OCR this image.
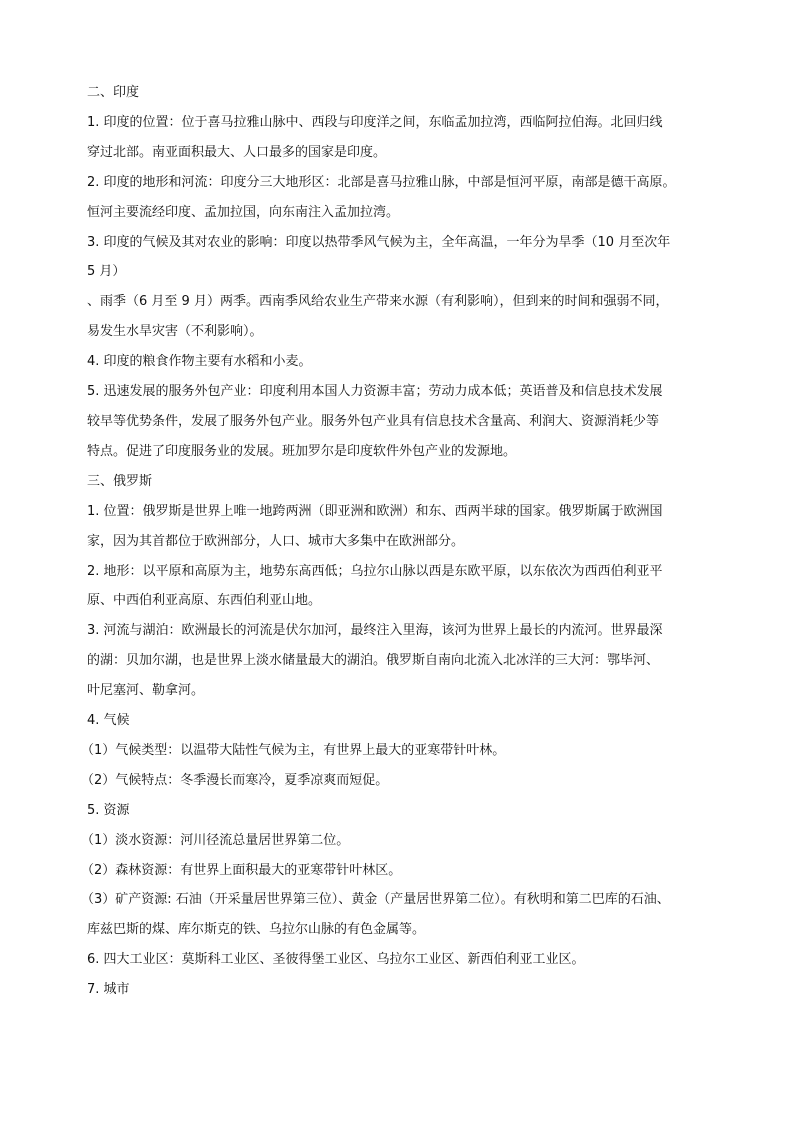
二、印度

1. 印度的位置：位于喜马拉雅山脉中、西段与印度洋之间，东临孟加拉湾，西临阿拉伯海。北回归线

穿过北部。南亚面积最大、人口最多的国家是印度。

2. 印度的地形和河流：印度分三大地形区：北部是喜马拉雅山脉，中部是恒河平原，南部是德干高原。

恒河主要流经印度、孟加拉国，向东南注入孟加拉湾。

3. 印度的气候及其对农业的影响：印度以热带季风气候为主，全年高温，一年分为旱季（10 月至次年

5 月）

、雨季（6 月至 9 月）两季。西南季风给农业生产带来水源（有利影响），但到来的时间和强弱不同，

易发生水旱灾害（不利影响）。

4. 印度的粮食作物主要有水稻和小麦。

5. 迅速发展的服务外包产业：印度利用本国人力资源丰富；劳动力成本低；英语普及和信息技术发展

较早等优势条件，发展了服务外包产业。服务外包产业具有信息技术含量高、利润大、资源消耗少等

特点。促进了印度服务业的发展。班加罗尔是印度软件外包产业的发源地。

三、俄罗斯

1. 位置：俄罗斯是世界上唯一地跨两洲（即亚洲和欧洲）和东、西两半球的国家。俄罗斯属于欧洲国

家，因为其首都位于欧洲部分，人口、城市大多集中在欧洲部分。

2. 地形：以平原和高原为主，地势东高西低；乌拉尔山脉以西是东欧平原，以东依次为西西伯利亚平

原、中西伯利亚高原、东西伯利亚山地。

3. 河流与湖泊：欧洲最长的河流是伏尔加河，最终注入里海，该河为世界上最长的内流河。世界最深

的湖：贝加尔湖，也是世界上淡水储量最大的湖泊。俄罗斯自南向北流入北冰洋的三大河：鄂毕河、

叶尼塞河、勒拿河。

4. 气候

（1）气候类型：以温带大陆性气候为主，有世界上最大的亚寒带针叶林。

（2）气候特点：冬季漫长而寒冷，夏季凉爽而短促。

5. 资源

（1）淡水资源：河川径流总量居世界第二位。

（2）森林资源：有世界上面积最大的亚寒带针叶林区。

（3）矿产资源: 石油（开采量居世界第三位）、黄金（产量居世界第二位）。有秋明和第二巴库的石油、

库兹巴斯的煤、库尔斯克的铁、乌拉尔山脉的有色金属等。

6. 四大工业区：莫斯科工业区、圣彼得堡工业区、乌拉尔工业区、新西伯利亚工业区。

7. 城市
